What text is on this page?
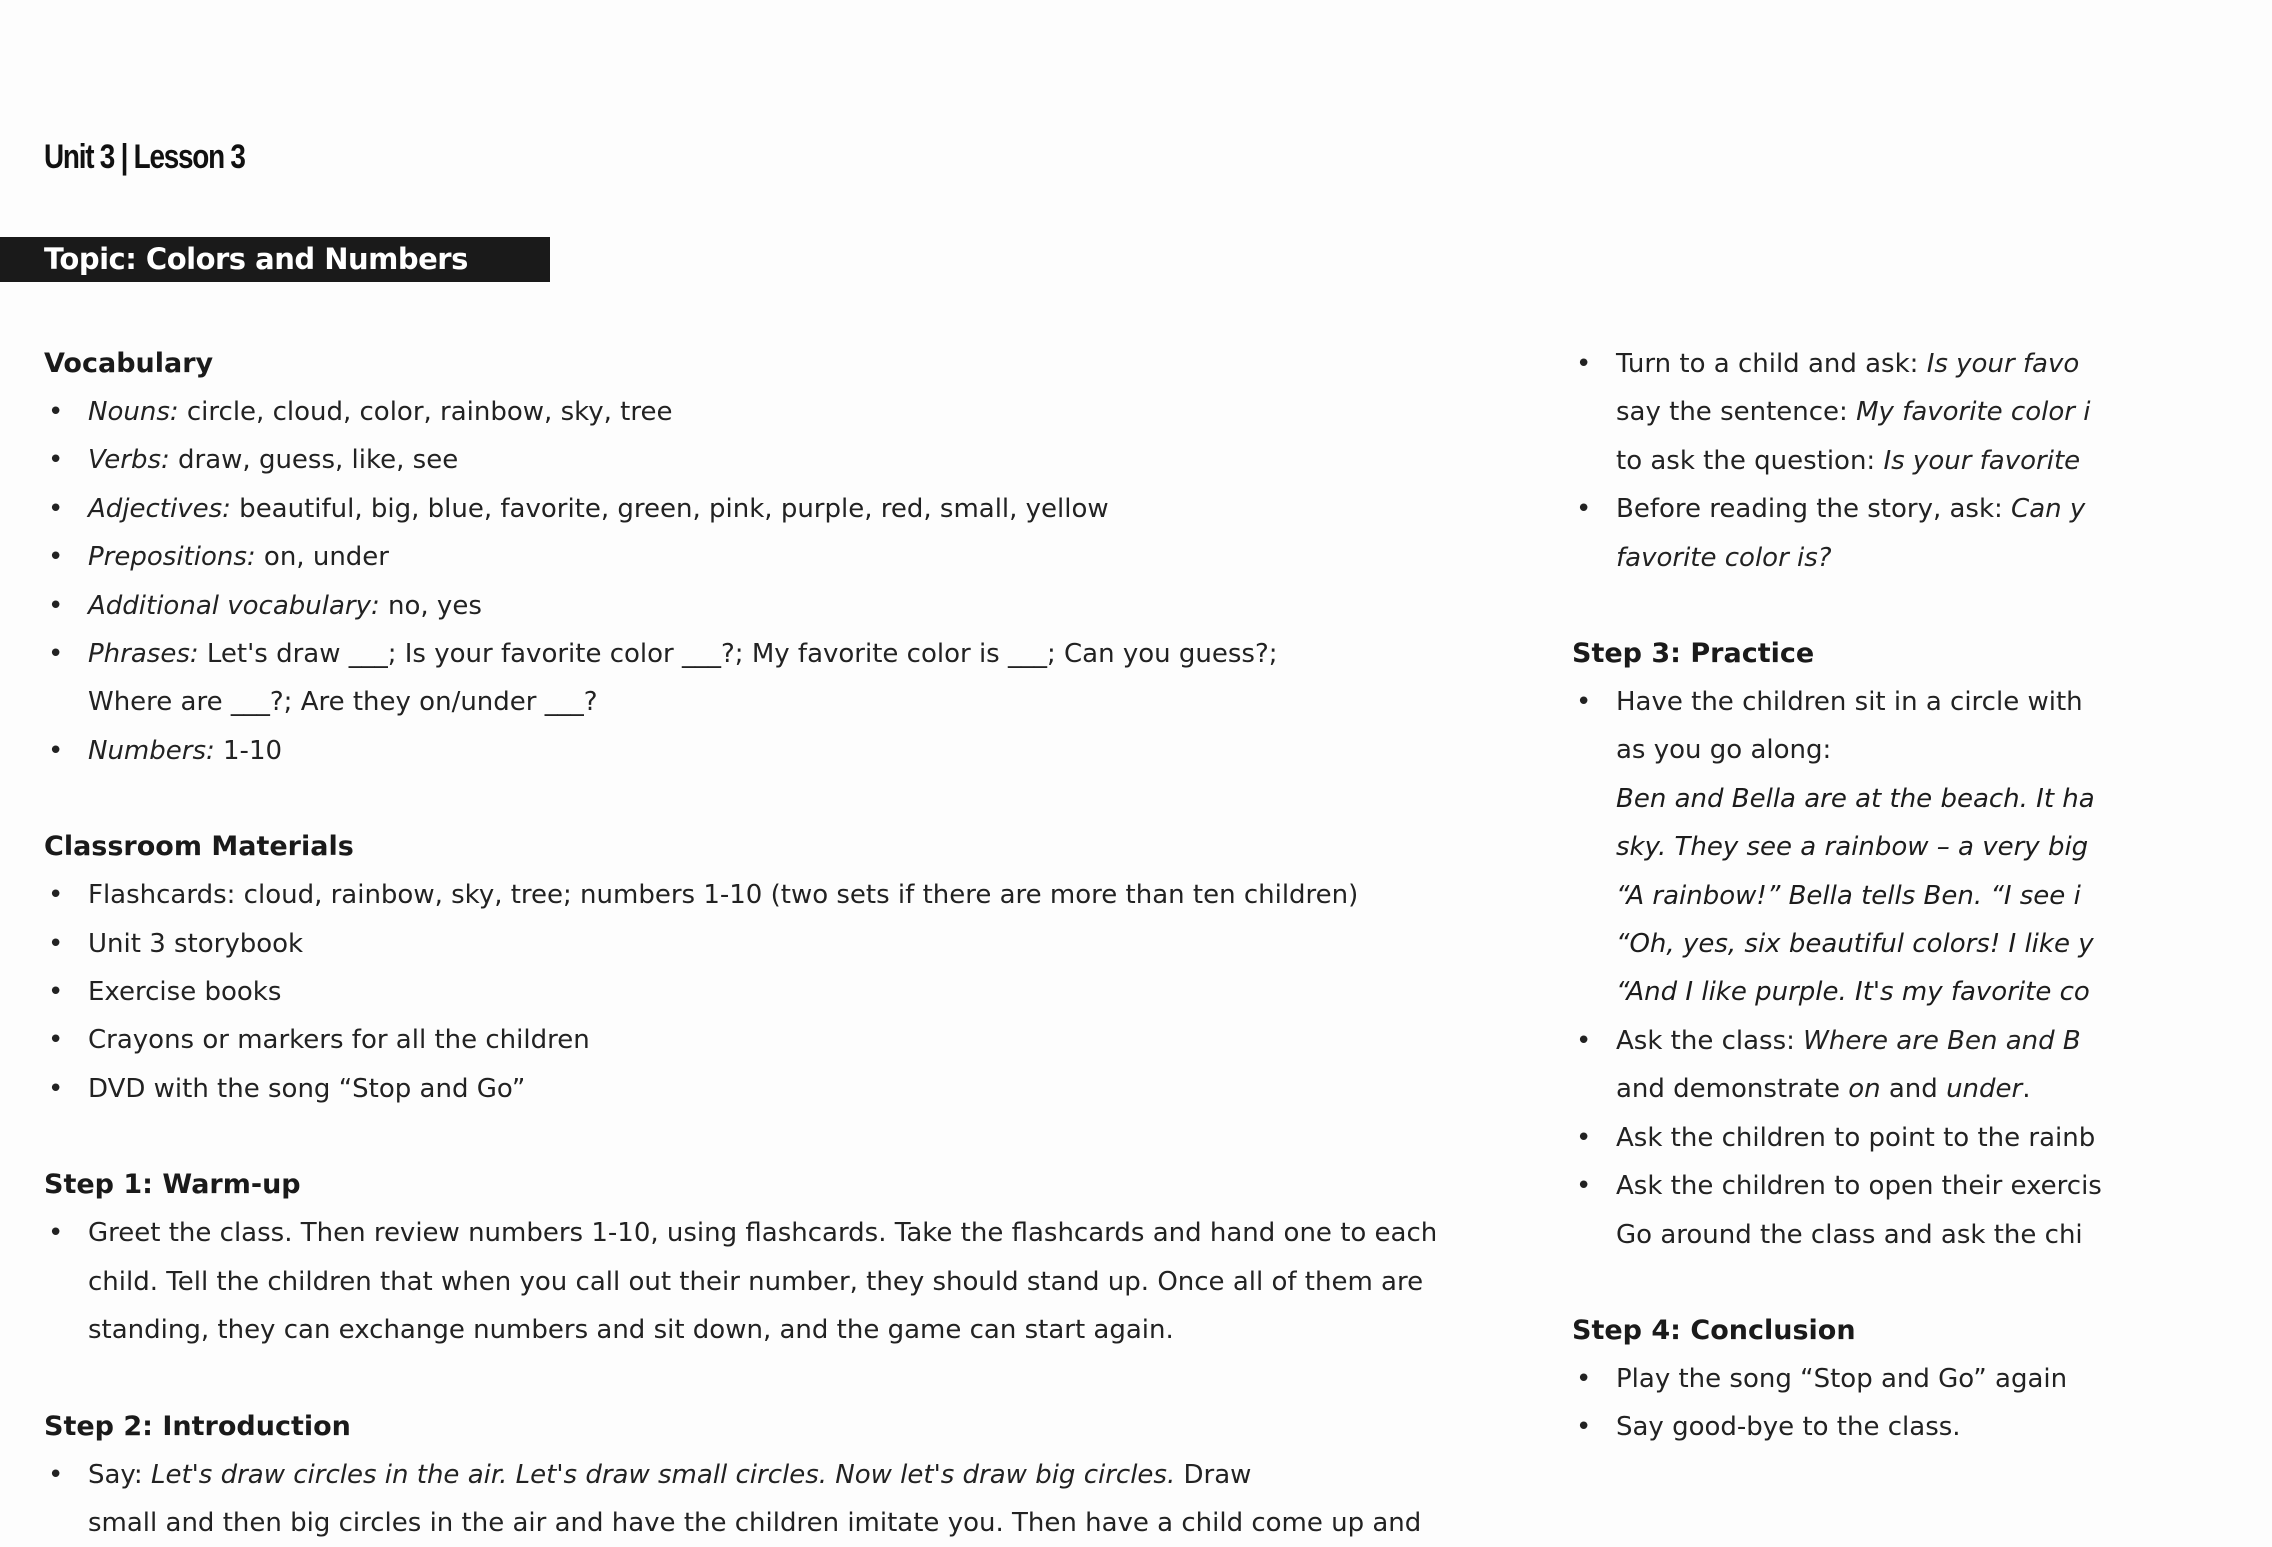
Unit 3 | Lesson 3
Topic: Colors and Numbers
Vocabulary
• Nouns: circle, cloud, color, rainbow, sky, tree
• Verbs: draw, guess, like, see
• Adjectives: beautiful, big, blue, favorite, green, pink, purple, red, small, yellow
• Prepositions: on, under
• Additional vocabulary: no, yes
• Phrases: Let's draw ___; Is your favorite color ___?; My favorite color is ___; Can you guess?;
Where are ___?; Are they on/under ___?
• Numbers: 1-10
Classroom Materials
• Flashcards: cloud, rainbow, sky, tree; numbers 1-10 (two sets if there are more than ten children)
• Unit 3 storybook
• Exercise books
• Crayons or markers for all the children
• DVD with the song “Stop and Go”
Step 1: Warm-up
• Greet the class. Then review numbers 1-10, using flashcards. Take the flashcards and hand one to each
child. Tell the children that when you call out their number, they should stand up. Once all of them are
standing, they can exchange numbers and sit down, and the game can start again.
Step 2: Introduction
• Say: Let's draw circles in the air. Let's draw small circles. Now let's draw big circles. Draw
small and then big circles in the air and have the children imitate you. Then have a child come up and
• Turn to a child and ask: Is your favo
say the sentence: My favorite color i
to ask the question: Is your favorite
• Before reading the story, ask: Can y
favorite color is?
Step 3: Practice
• Have the children sit in a circle with
as you go along:
Ben and Bella are at the beach. It ha
sky. They see a rainbow – a very big
“A rainbow!” Bella tells Ben. “I see i
“Oh, yes, six beautiful colors! I like y
“And I like purple. It's my favorite co
• Ask the class: Where are Ben and B
and demonstrate on and under.
• Ask the children to point to the rainb
• Ask the children to open their exercis
Go around the class and ask the chi
Step 4: Conclusion
• Play the song “Stop and Go” again
• Say good-bye to the class.
